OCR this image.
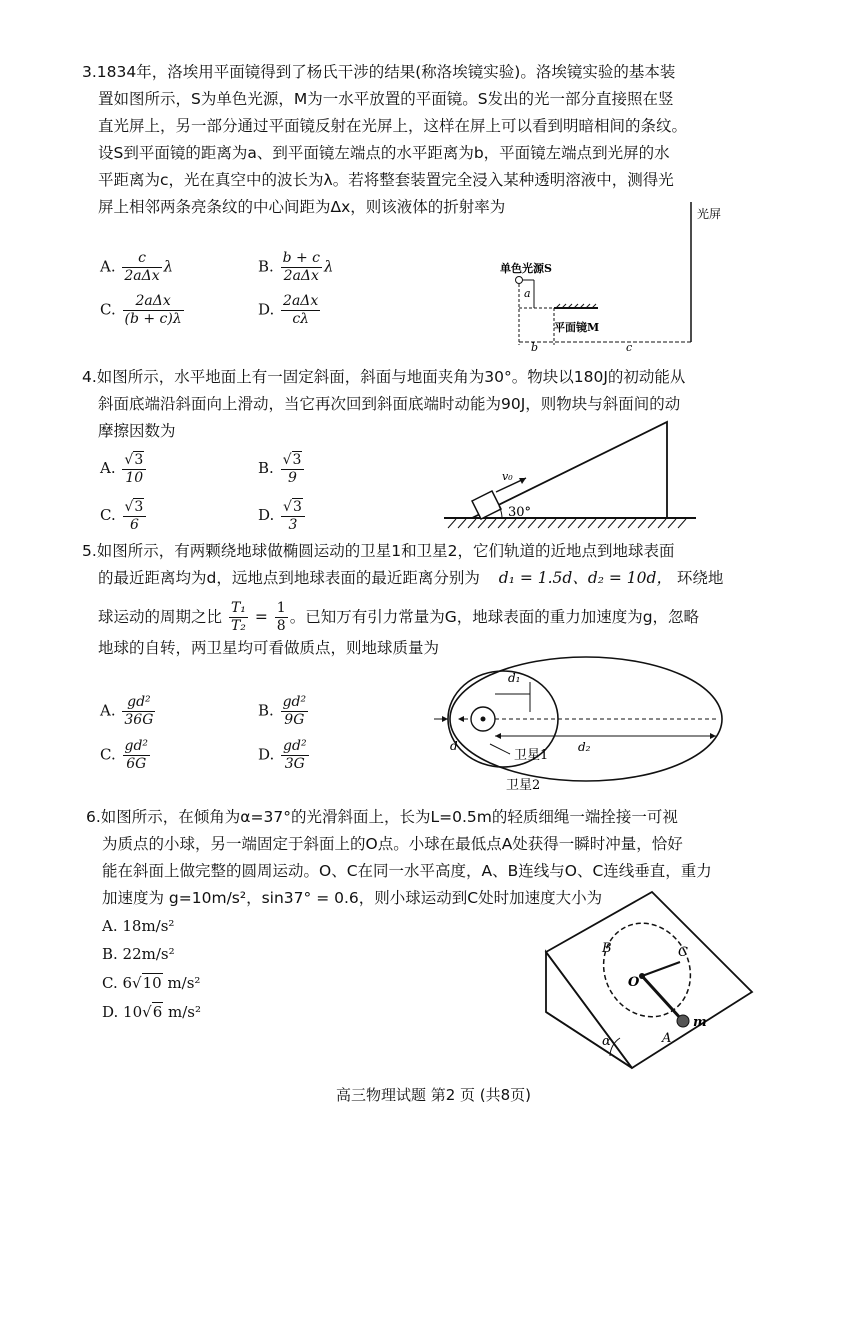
3.1834年，洛埃用平面镜得到了杨氏干涉的结果(称洛埃镜实验)。洛埃镜实验的基本装
置如图所示，S为单色光源，M为一水平放置的平面镜。S发出的光一部分直接照在竖
直光屏上，另一部分通过平面镜反射在光屏上，这样在屏上可以看到明暗相间的条纹。
设S到平面镜的距离为a、到平面镜左端点的水平距离为b，平面镜左端点到光屏的水
平距离为c，光在真空中的波长为λ。若将整套装置完全浸入某种透明溶液中，测得光
屏上相邻两条亮条纹的中心间距为Δx，则该液体的折射率为
A. $\frac{c}{\text{2aΔx}}$ λ	B. $\frac{b + c}{\text{2aΔx}}$ λ
C. $\frac{\text{2aΔx}}{(b + c)\lambda}$	D. $\frac{\text{2aΔx}}{c\lambda}$
光屏
单色光源S
a
平面镜M
b	c
4.如图所示，水平地面上有一固定斜面，斜面与地面夹角为30°。物块以180J的初动能从
斜面底端沿斜面向上滑动，当它再次回到斜面底端时动能为90J，则物块与斜面间的动
摩擦因数为
A. $\frac{√3}{10}$	B. $\frac{√3}{9}$
C. $\frac{√3}{6}$	D. $\frac{√3}{3}$
v₀
30°
5.如图所示，有两颗绕地球做椭圆运动的卫星1和卫星2，它们轨道的近地点到地球表面
的最近距离均为d，远地点到地球表面的最近距离分别为 d₁ = 1.5d、d₂ = 10d， 环绕地
球运动的周期之比 $\frac{\text{T₁}}{\text{T₂}} = \frac{1}{8}$ 。已知万有引力常量为G，地球表面的重力加速度为g，忽略
地球的自转，两卫星均可看做质点，则地球质量为
A. $\frac{\text{gd²}}{36G}$	B. $\frac{\text{gd²}}{9G}$
C. $\frac{\text{gd²}}{6G}$	D. $\frac{\text{gd²}}{3G}$	d
d₁
d₂
卫星1
卫星2
6.如图所示，在倾角为α=37°的光滑斜面上，长为L=0.5m的轻质细绳一端拴接一可视
为质点的小球，另一端固定于斜面上的O点。小球在最低点A处获得一瞬时冲量，恰好
能在斜面上做完整的圆周运动。O、C在同一水平高度，A、B连线与O、C连线垂直，重力
加速度为 g=10m/s²，sin37° = 0.6，则小球运动到C处时加速度大小为
A. 18m/s²
B. 22m/s²
C. 6√10 m/s²
D. 10√6 m/s²
α
O
B	C
A
m
高三物理试题 第2 页 (共8页)
